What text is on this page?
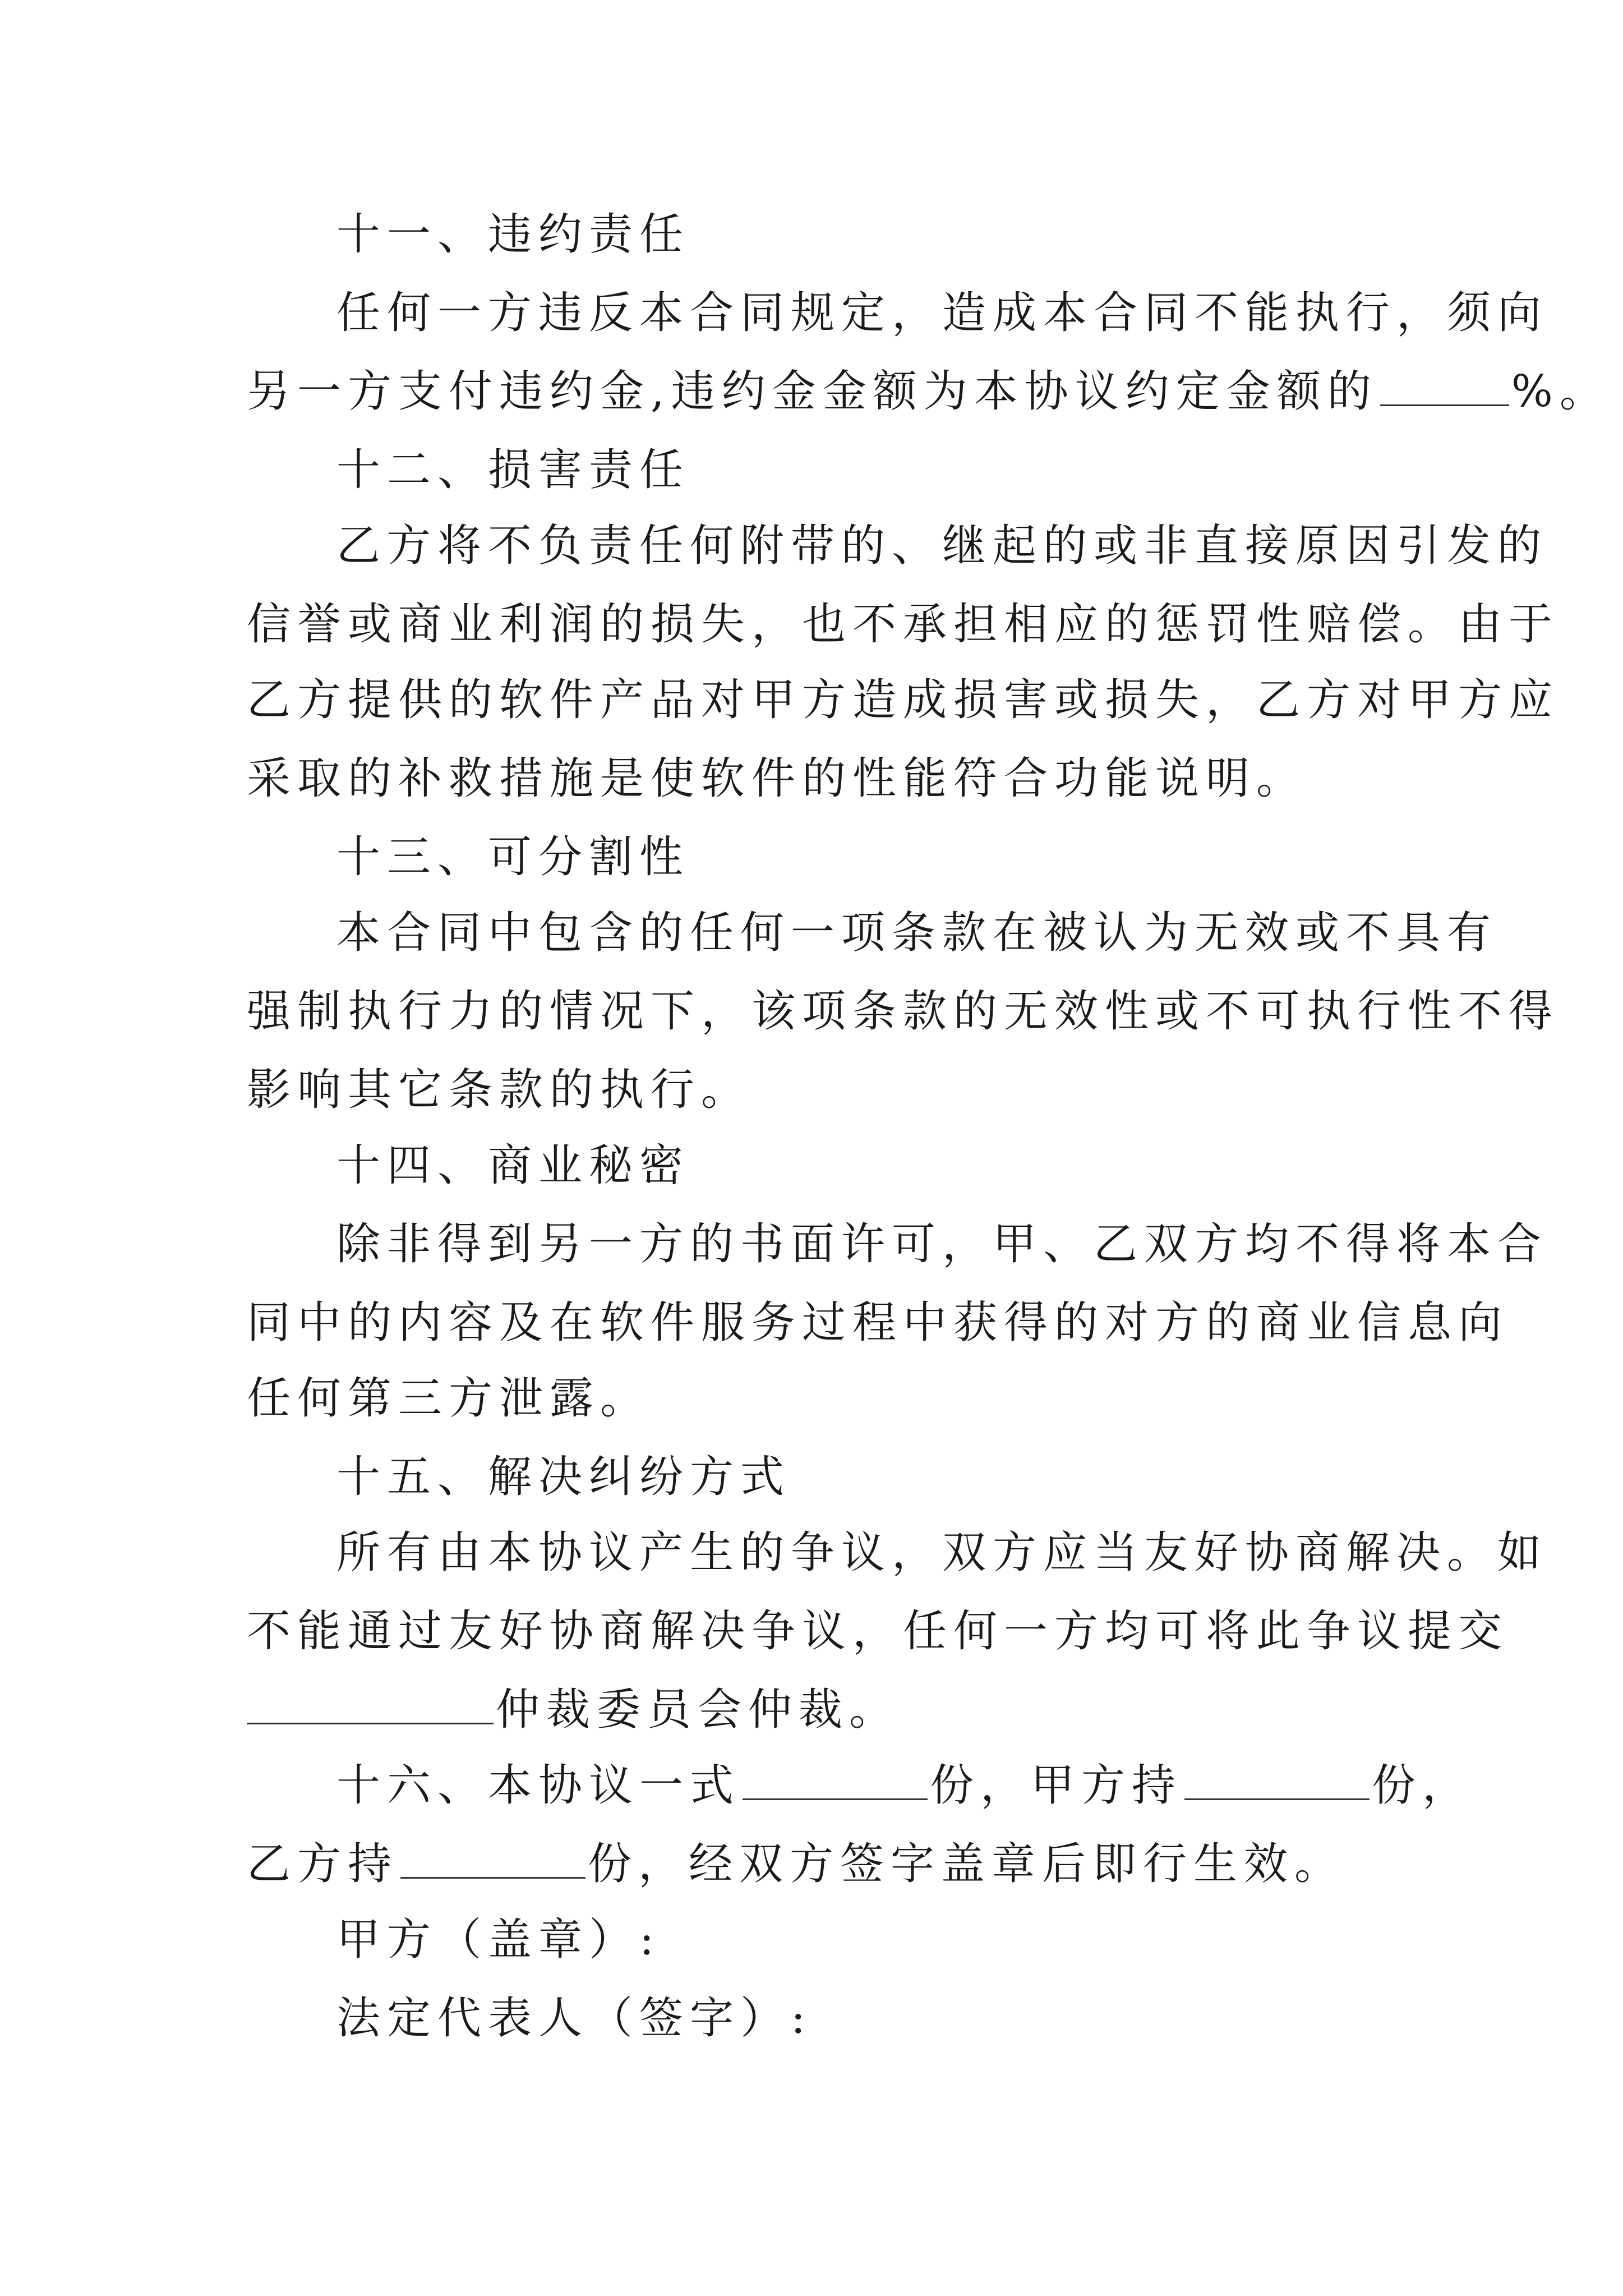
十一、违约责任
任何一方违反本合同规定，造成本合同不能执行，须向
另一方支付违约金,违约金金额为本协议约定金额的	%。
十二、损害责任
乙方将不负责任何附带的、继起的或非直接原因引发的
信誉或商业利润的损失，也不承担相应的惩罚性赔偿。由于
乙方提供的软件产品对甲方造成损害或损失，乙方对甲方应
采取的补救措施是使软件的性能符合功能说明。
十三、可分割性
本合同中包含的任何一项条款在被认为无效或不具有
强制执行力的情况下，该项条款的无效性或不可执行性不得
影响其它条款的执行。
十四、商业秘密
除非得到另一方的书面许可，甲、乙双方均不得将本合
同中的内容及在软件服务过程中获得的对方的商业信息向
任何第三方泄露。
十五、解决纠纷方式
所有由本协议产生的争议，双方应当友好协商解决。如
不能通过友好协商解决争议，任何一方均可将此争议提交
仲裁委员会仲裁。
十六、本协议一式	份，甲方持	份，
乙方持	份，经双方签字盖章后即行生效。
甲方（盖章）:
法定代表人（签字）:
